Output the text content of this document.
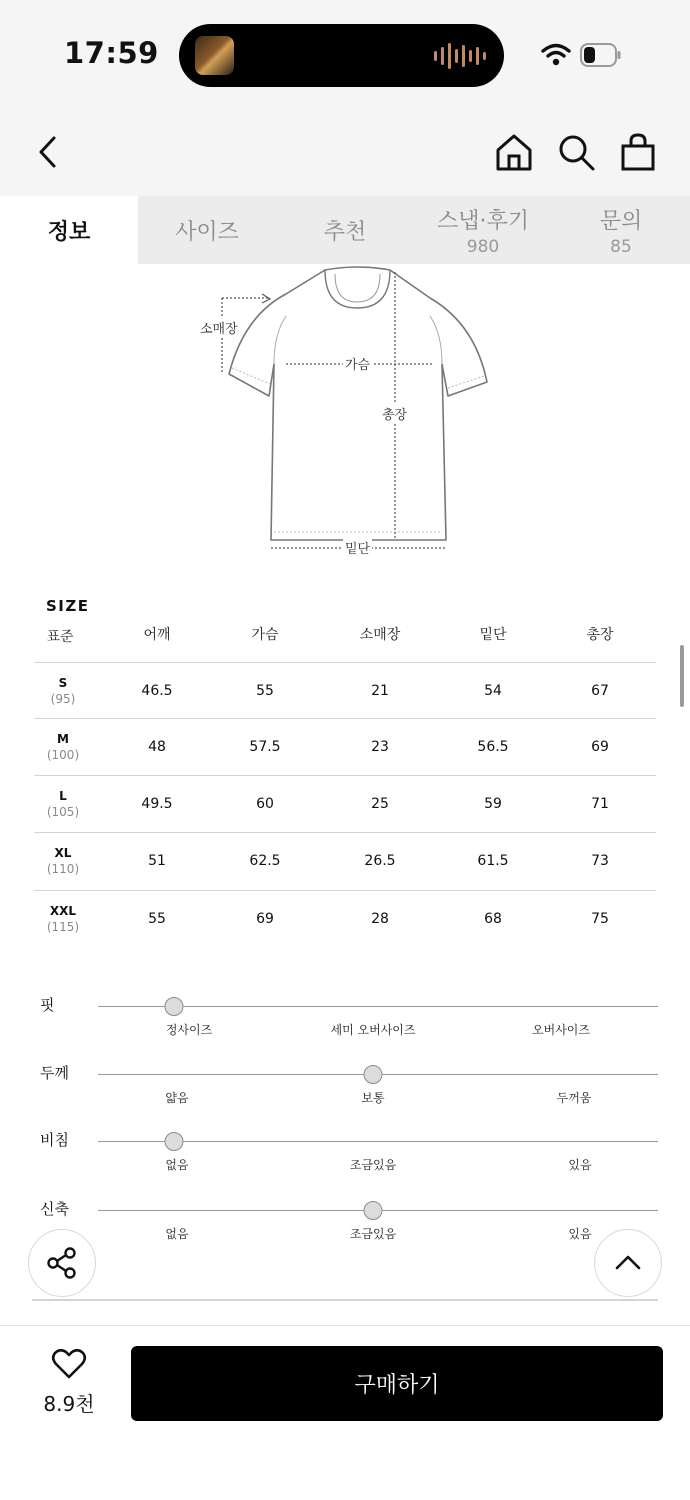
17:59
정보	사이즈	추천	스냅·후기
980
문의
85
소매장
가슴
총장
밑단
SIZE
표준	어깨	가슴	소매장	밑단	총장
S
(95)	46.5	55	21	54	67
M
(100)	48	57.5	23	56.5	69
L
(105)	49.5	60	25	59	71
XL
(110)	51	62.5	26.5	61.5	73
XXL
(115)	55	69	28	68	75
핏
정사이즈	세미 오버사이즈	오버사이즈
두께
얇음	보통	두꺼움
비침
없음	조금있음	있음
신축
없음	조금있음	있음
8.9천
구매하기
